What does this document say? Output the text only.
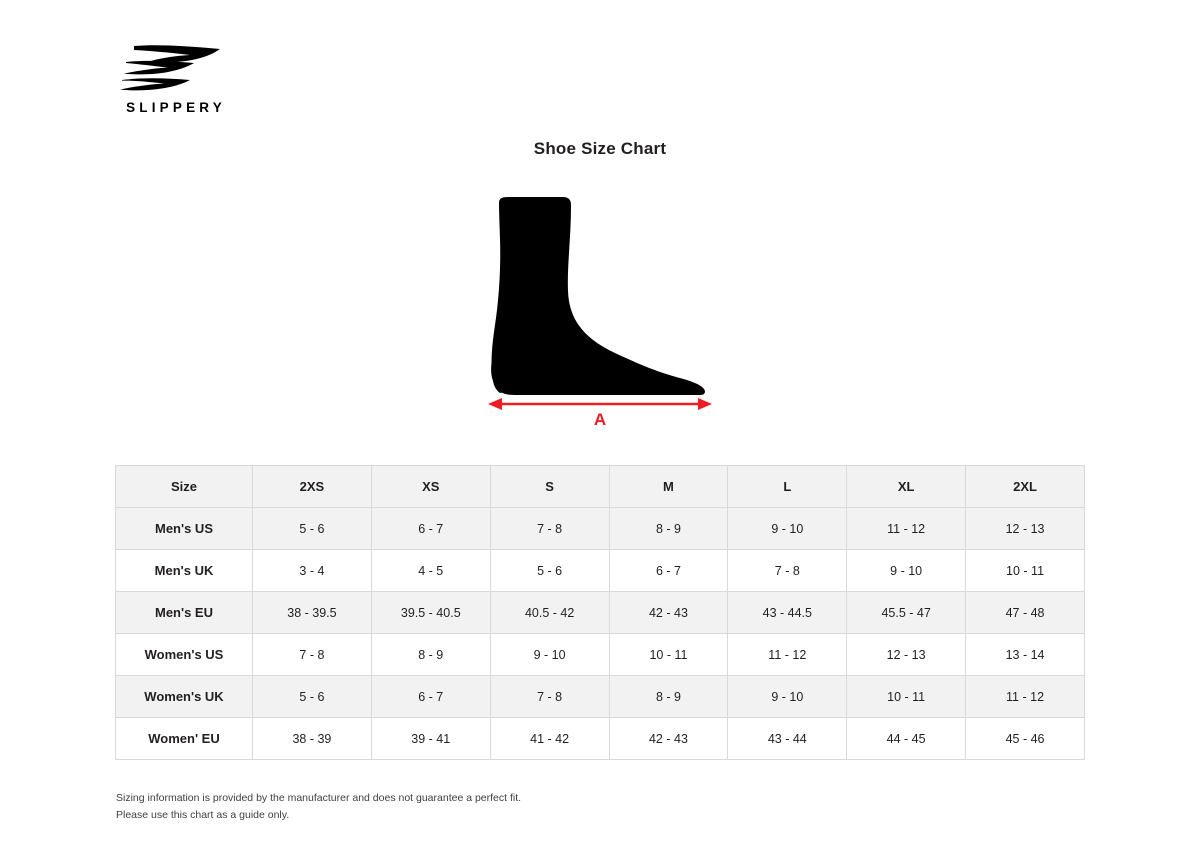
SLIPPERY
Shoe Size Chart
A
Size	2XS	XS	S	M	L	XL	2XL
Men's US	5 - 6	6 - 7	7 - 8	8 - 9	9 - 10	11 - 12	12 - 13
Men's UK	3 - 4	4 - 5	5 - 6	6 - 7	7 - 8	9 - 10	10 - 11
Men's EU	38 - 39.5	39.5 - 40.5	40.5 - 42	42 - 43	43 - 44.5	45.5 - 47	47 - 48
Women's US	7 - 8	8 - 9	9 - 10	10 - 11	11 - 12	12 - 13	13 - 14
Women's UK	5 - 6	6 - 7	7 - 8	8 - 9	9 - 10	10 - 11	11 - 12
Women' EU	38 - 39	39 - 41	41 - 42	42 - 43	43 - 44	44 - 45	45 - 46
Sizing information is provided by the manufacturer and does not guarantee a perfect fit.
Please use this chart as a guide only.
